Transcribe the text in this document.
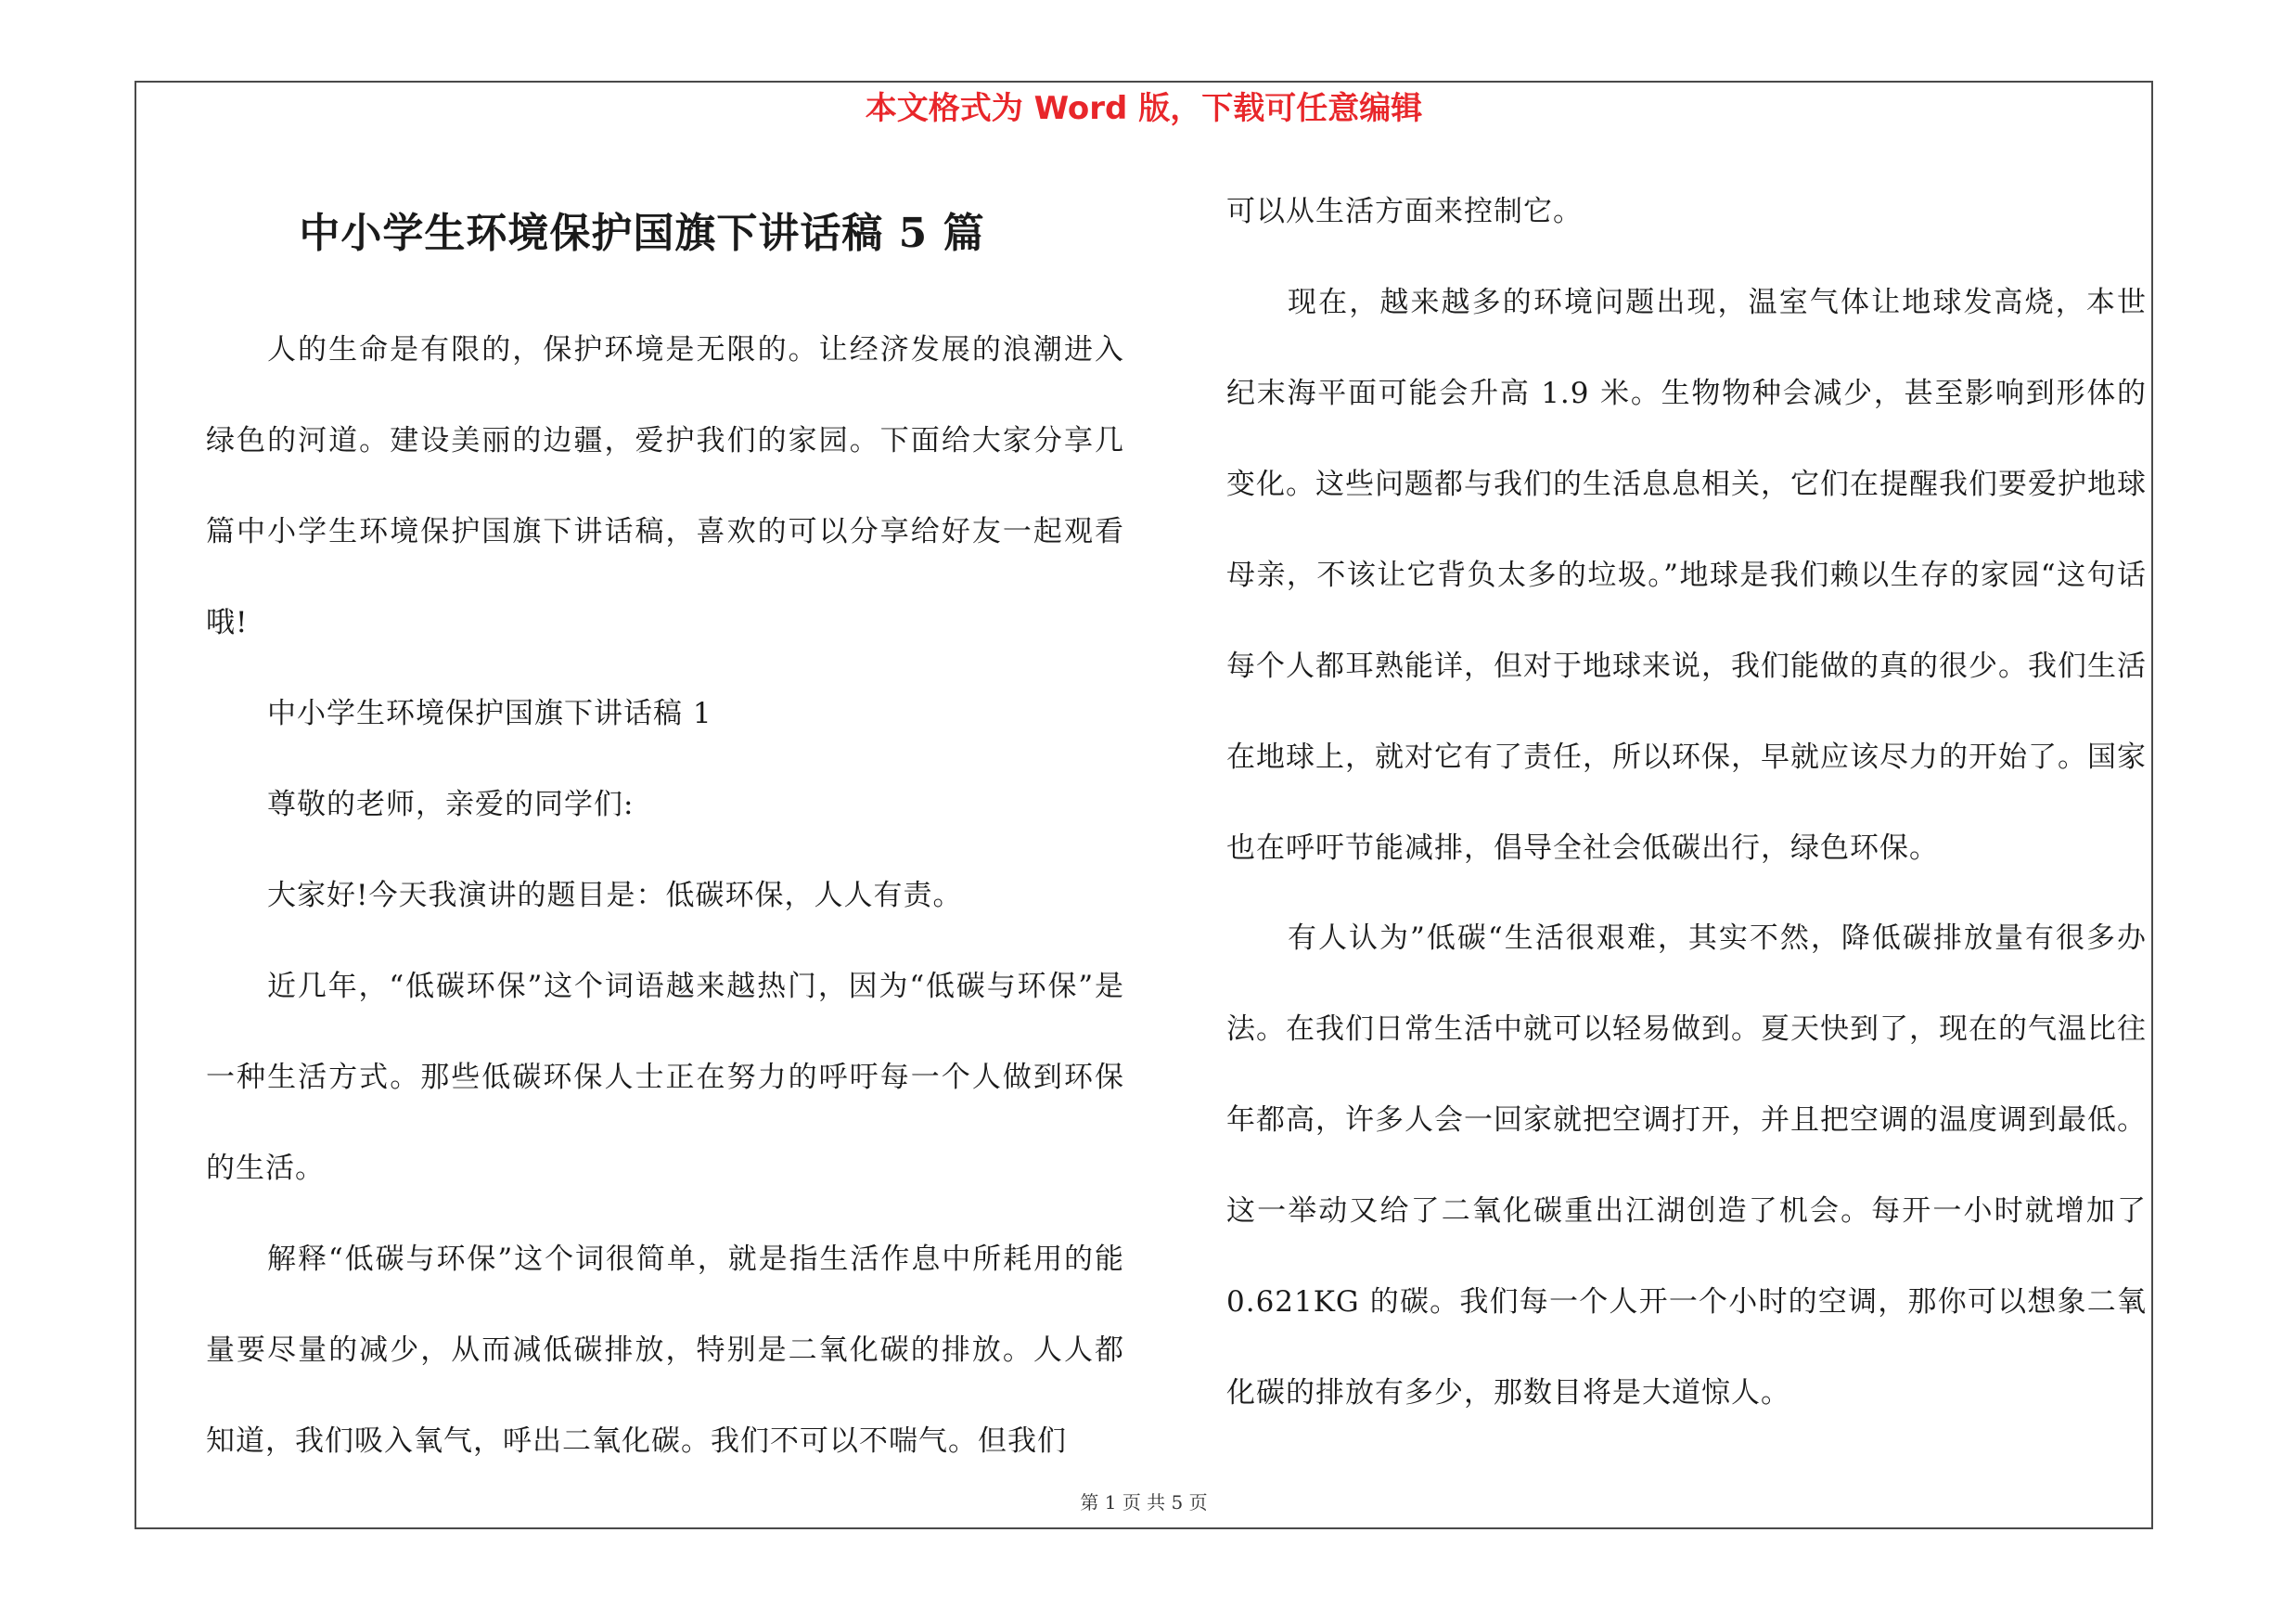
本文格式为 Word 版，下载可任意编辑
中小学生环境保护国旗下讲话稿 5 篇

人的生命是有限的，保护环境是无限的。让经济发展的浪潮进入绿色的河道。建设美丽的边疆，爱护我们的家园。下面给大家分享几篇中小学生环境保护国旗下讲话稿，喜欢的可以分享给好友一起观看哦!

中小学生环境保护国旗下讲话稿 1

尊敬的老师，亲爱的同学们:

大家好!今天我演讲的题目是：低碳环保，人人有责。

近几年，“低碳环保”这个词语越来越热门，因为“低碳与环保”是一种生活方式。那些低碳环保人士正在努力的呼吁每一个人做到环保的生活。

解释“低碳与环保”这个词很简单，就是指生活作息中所耗用的能量要尽量的减少，从而减低碳排放，特别是二氧化碳的排放。人人都知道，我们吸入氧气，呼出二氧化碳。我们不可以不喘气。但我们

可以从生活方面来控制它。

现在，越来越多的环境问题出现，温室气体让地球发高烧，本世纪末海平面可能会升高 1.9 米。生物物种会减少，甚至影响到形体的变化。这些问题都与我们的生活息息相关，它们在提醒我们要爱护地球母亲，不该让它背负太多的垃圾。”地球是我们赖以生存的家园“这句话每个人都耳熟能详，但对于地球来说，我们能做的真的很少。我们生活在地球上，就对它有了责任，所以环保，早就应该尽力的开始了。国家也在呼吁节能减排，倡导全社会低碳出行，绿色环保。

有人认为”低碳“生活很艰难，其实不然，降低碳排放量有很多办法。在我们日常生活中就可以轻易做到。夏天快到了，现在的气温比往年都高，许多人会一回家就把空调打开，并且把空调的温度调到最低。这一举动又给了二氧化碳重出江湖创造了机会。每开一小时就增加了 0.621KG 的碳。我们每一个人开一个小时的空调，那你可以想象二氧化碳的排放有多少，那数目将是大道惊人。

第 1 页 共 5 页
